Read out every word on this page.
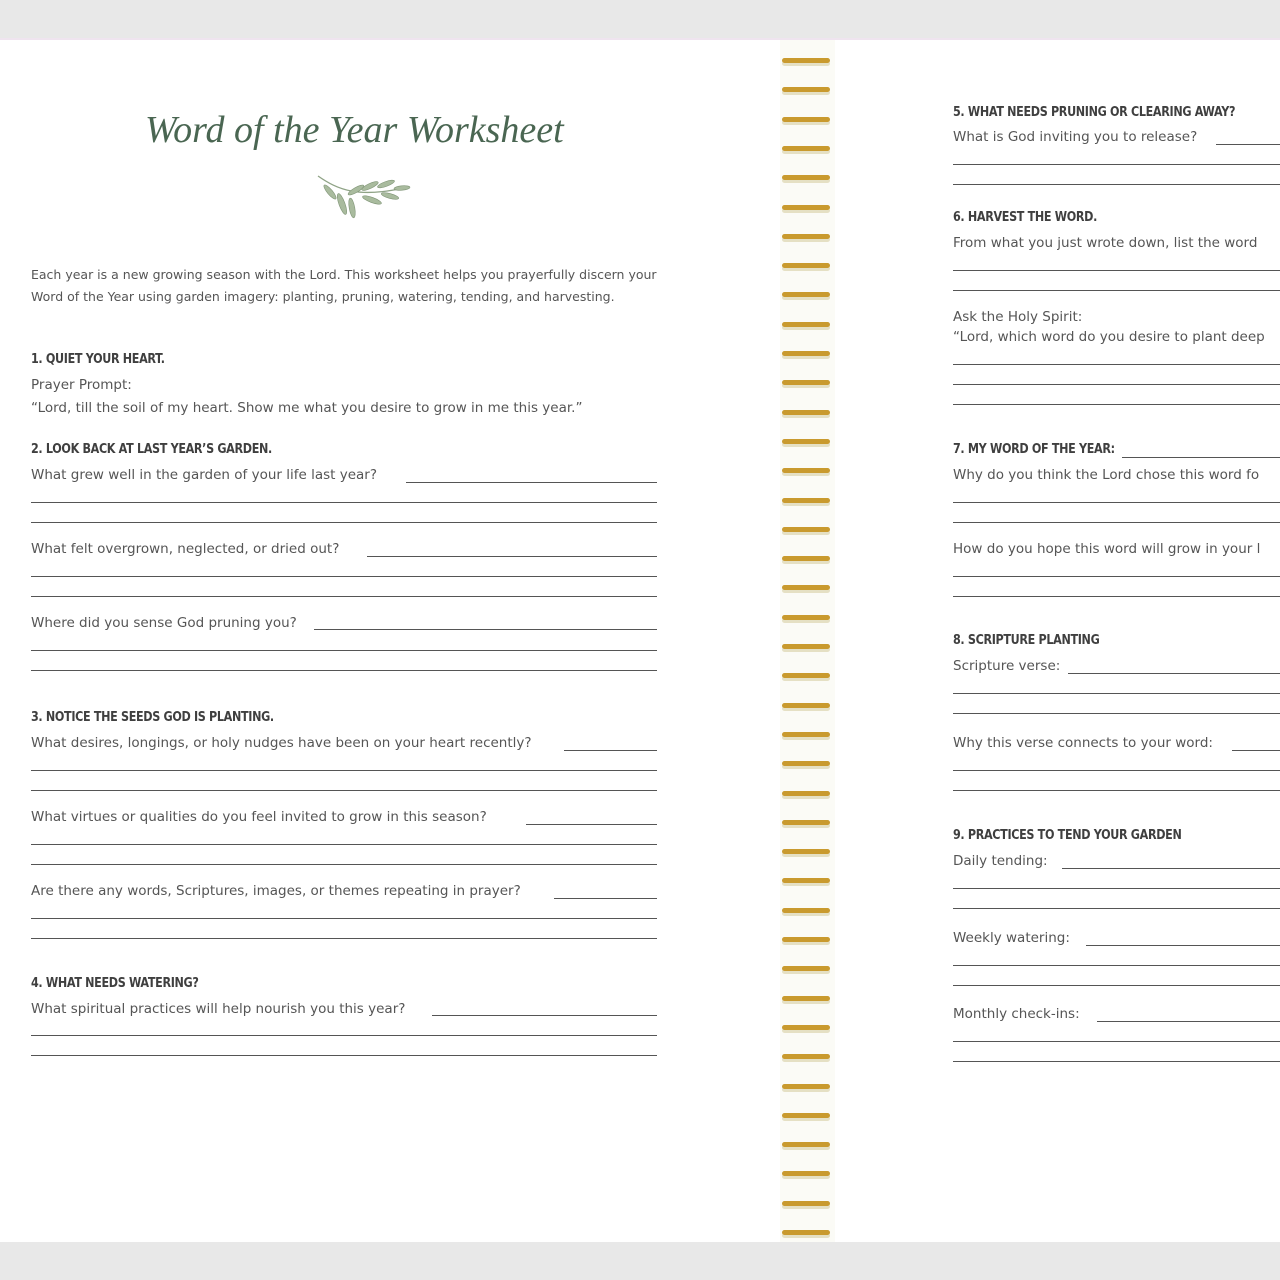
Word of the Year Worksheet
Each year is a new growing season with the Lord. This worksheet helps you prayerfully discern your
Word of the Year using garden imagery: planting, pruning, watering, tending, and harvesting.
1. QUIET YOUR HEART.
Prayer Prompt:
“Lord, till the soil of my heart. Show me what you desire to grow in me this year.”
2. LOOK BACK AT LAST YEAR’S GARDEN.
What grew well in the garden of your life last year?
What felt overgrown, neglected, or dried out?
Where did you sense God pruning you?
3. NOTICE THE SEEDS GOD IS PLANTING.
What desires, longings, or holy nudges have been on your heart recently?
What virtues or qualities do you feel invited to grow in this season?
Are there any words, Scriptures, images, or themes repeating in prayer?
4. WHAT NEEDS WATERING?
What spiritual practices will help nourish you this year?
5. WHAT NEEDS PRUNING OR CLEARING AWAY?
What is God inviting you to release?
6. HARVEST THE WORD.
From what you just wrote down, list the word
Ask the Holy Spirit:
“Lord, which word do you desire to plant deep
7. MY WORD OF THE YEAR:
Why do you think the Lord chose this word fo
How do you hope this word will grow in your l
8. SCRIPTURE PLANTING
Scripture verse:
Why this verse connects to your word:
9. PRACTICES TO TEND YOUR GARDEN
Daily tending:
Weekly watering:
Monthly check-ins:
